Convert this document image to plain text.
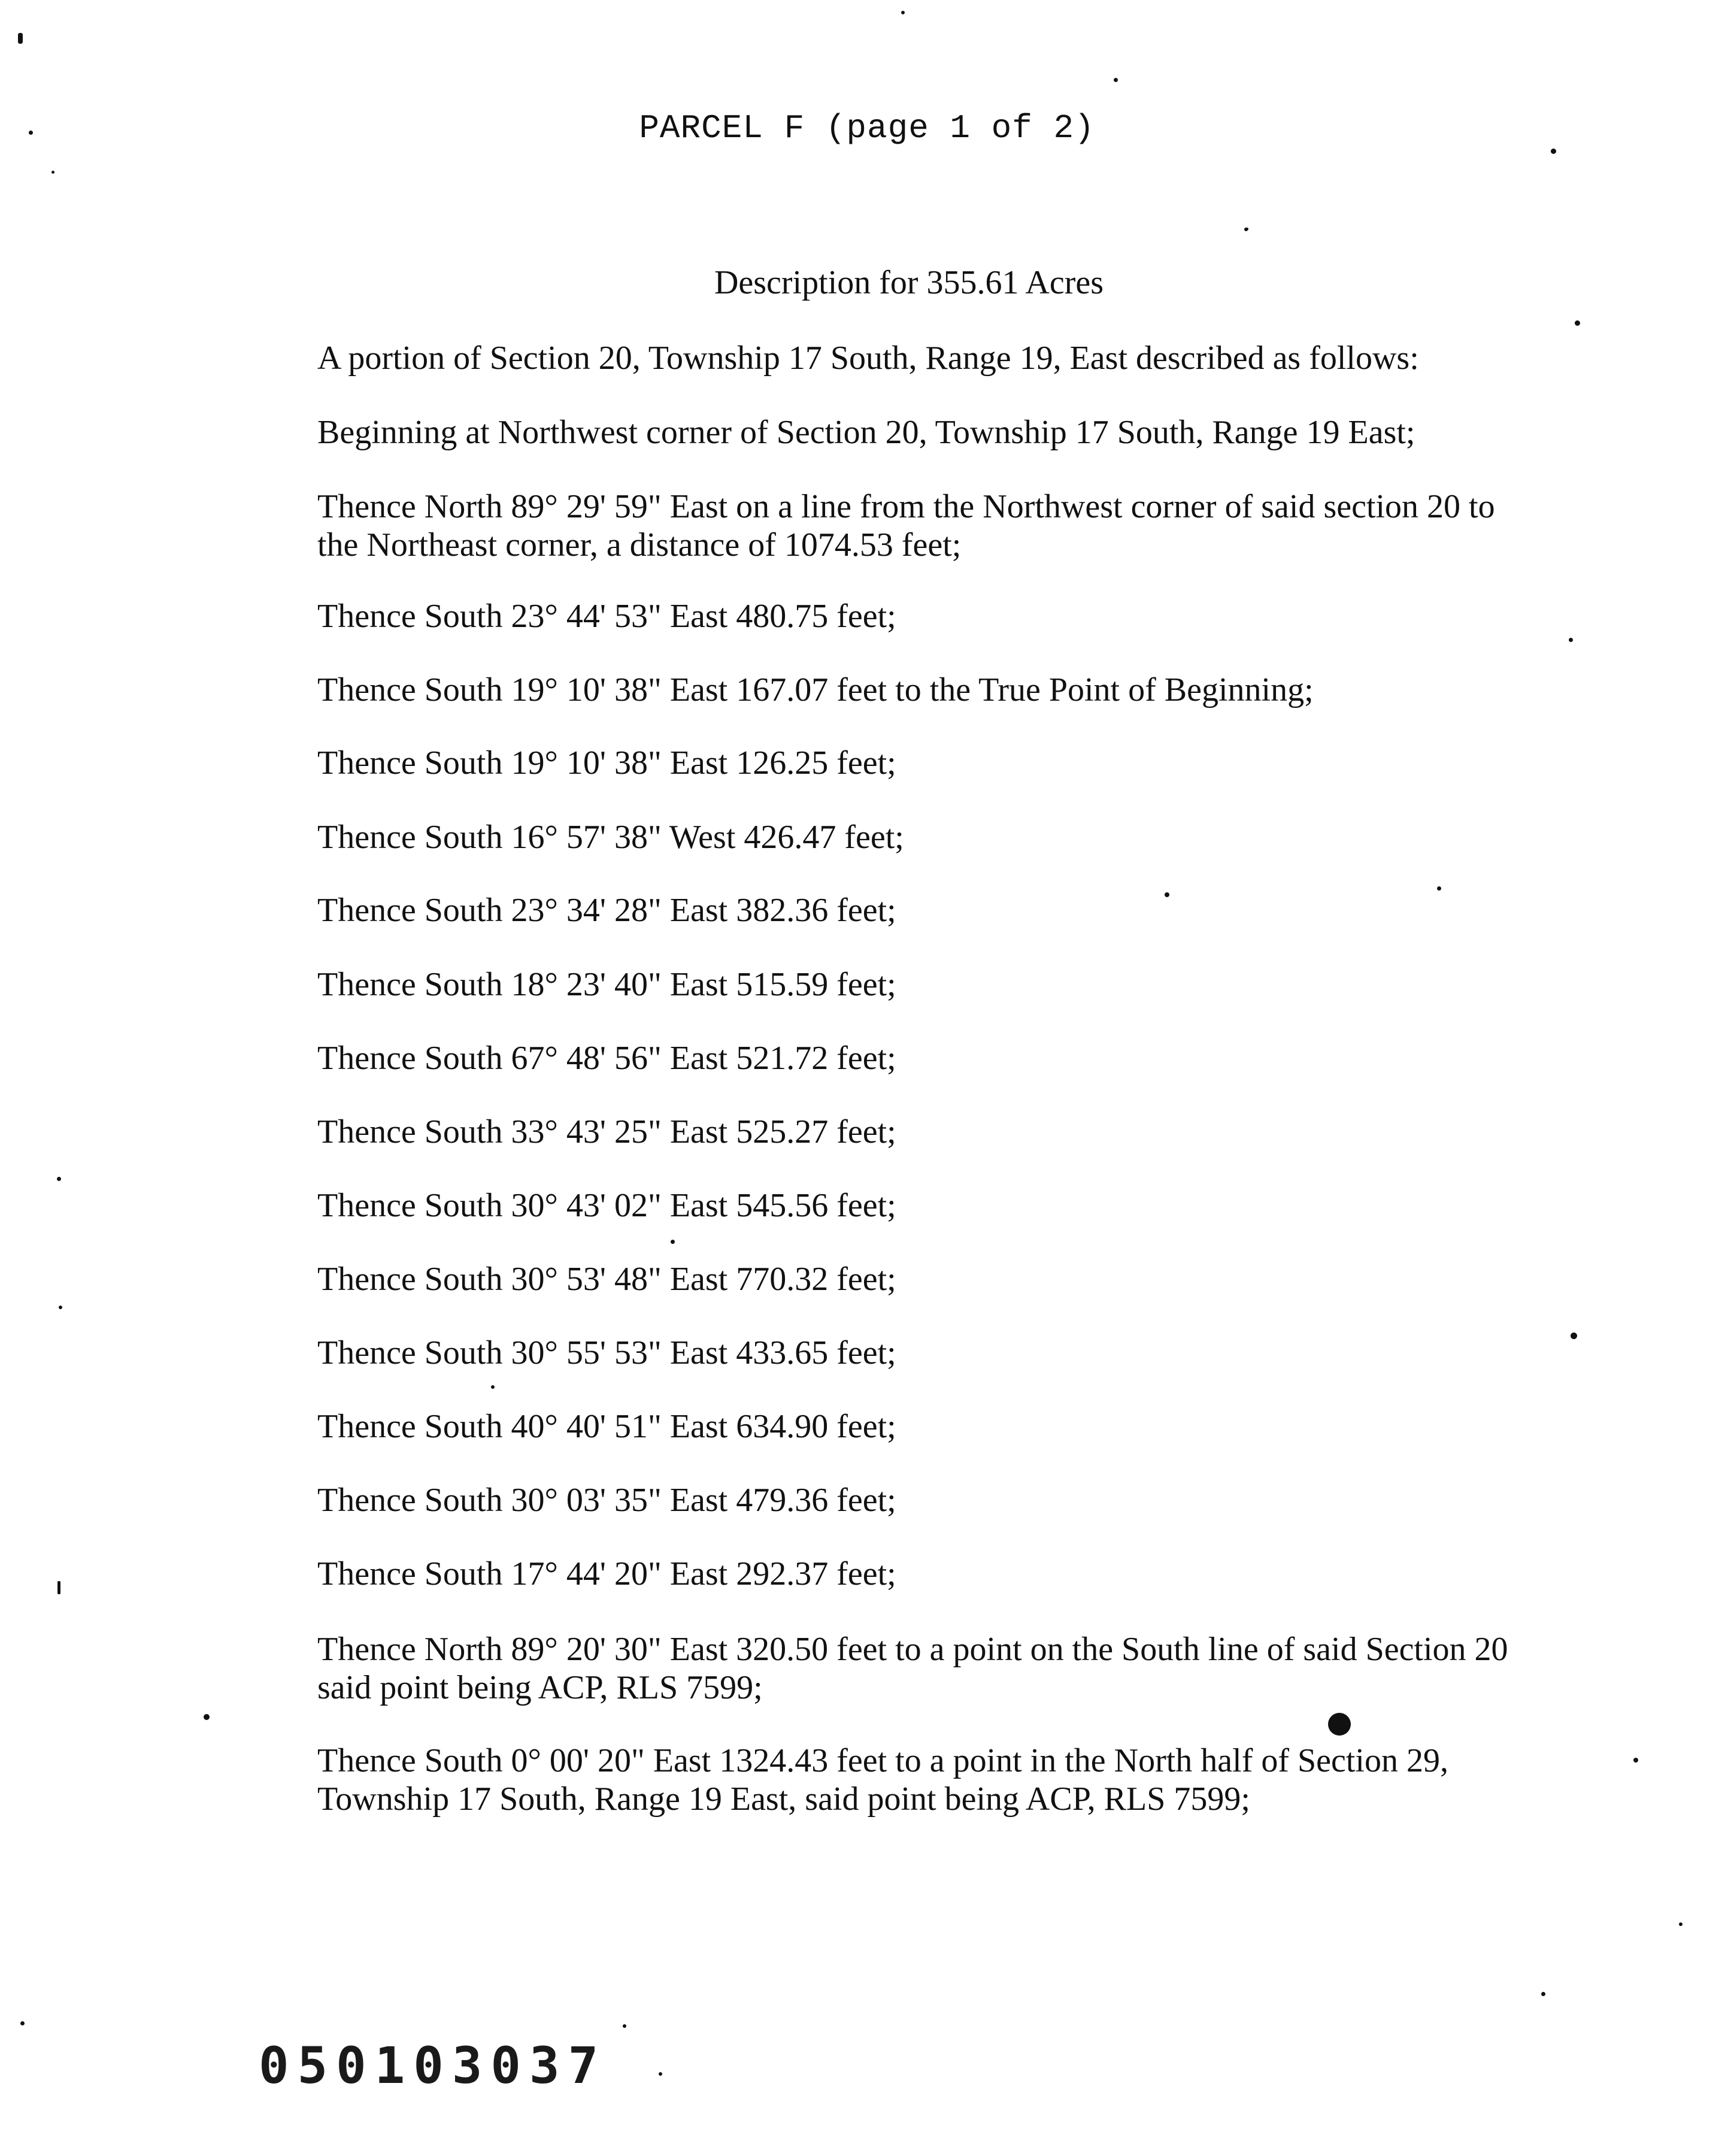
PARCEL F (page 1 of 2)
Description for 355.61 Acres
A portion of Section 20, Township 17 South, Range 19, East described as follows:
Beginning at Northwest corner of Section 20, Township 17 South, Range 19 East;
Thence North 89° 29' 59" East on a line from the Northwest corner of said section 20 to
the Northeast corner, a distance of 1074.53 feet;
Thence South 23° 44' 53" East 480.75 feet;
Thence South 19° 10' 38" East 167.07 feet to the True Point of Beginning;
Thence South 19° 10' 38" East 126.25 feet;
Thence South 16° 57' 38" West 426.47 feet;
Thence South 23° 34' 28" East 382.36 feet;
Thence South 18° 23' 40" East 515.59 feet;
Thence South 67° 48' 56" East 521.72 feet;
Thence South 33° 43' 25" East 525.27 feet;
Thence South 30° 43' 02" East 545.56 feet;
Thence South 30° 53' 48" East 770.32 feet;
Thence South 30° 55' 53" East 433.65 feet;
Thence South 40° 40' 51" East 634.90 feet;
Thence South 30° 03' 35" East 479.36 feet;
Thence South 17° 44' 20" East 292.37 feet;
Thence North 89° 20' 30" East 320.50 feet to a point on the South line of said Section 20
said point being ACP, RLS 7599;
Thence South 0° 00' 20" East 1324.43 feet to a point in the North half of Section 29,
Township 17 South, Range 19 East, said point being ACP, RLS 7599;
050103037
